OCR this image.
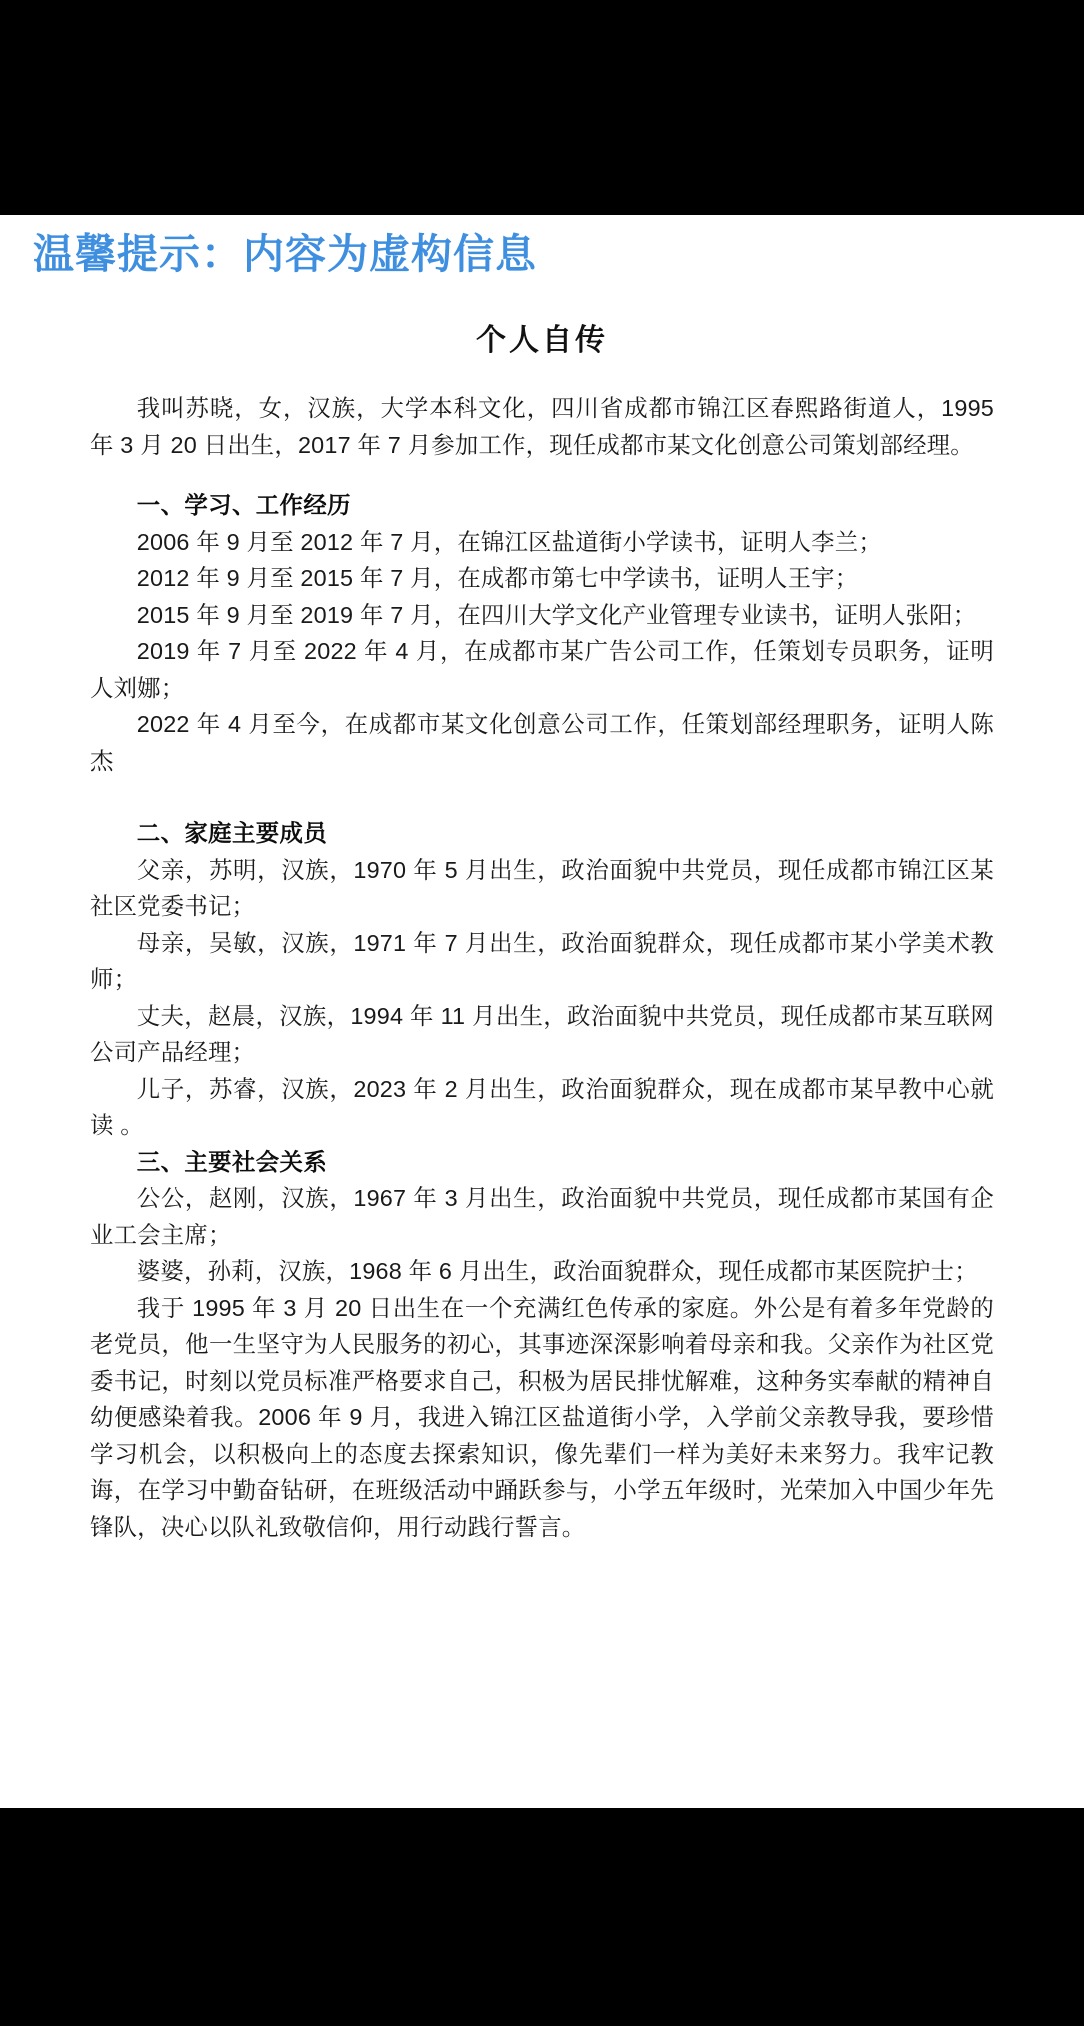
温馨提示：内容为虚构信息
个人自传

我叫苏晓，女，汉族，大学本科文化，四川省成都市锦江区春熙路街道人，1995 年 3 月 20 日出生，2017 年 7 月参加工作，现任成都市某文化创意公司策划部经理。

一、学习、工作经历

2006 年 9 月至 2012 年 7 月，在锦江区盐道街小学读书，证明人李兰；

2012 年 9 月至 2015 年 7 月，在成都市第七中学读书，证明人王宇；

2015 年 9 月至 2019 年 7 月，在四川大学文化产业管理专业读书，证明人张阳；

2019 年 7 月至 2022 年 4 月，在成都市某广告公司工作，任策划专员职务，证明人刘娜；

2022 年 4 月至今，在成都市某文化创意公司工作，任策划部经理职务，证明人陈杰

二、家庭主要成员

父亲，苏明，汉族，1970 年 5 月出生，政治面貌中共党员，现任成都市锦江区某社区党委书记；

母亲，吴敏，汉族，1971 年 7 月出生，政治面貌群众，现任成都市某小学美术教师；

丈夫，赵晨，汉族，1994 年 11 月出生，政治面貌中共党员，现任成都市某互联网公司产品经理；

儿子，苏睿，汉族，2023 年 2 月出生，政治面貌群众，现在成都市某早教中心就读 。

三、主要社会关系

公公，赵刚，汉族，1967 年 3 月出生，政治面貌中共党员，现任成都市某国有企业工会主席；

婆婆，孙莉，汉族，1968 年 6 月出生，政治面貌群众，现任成都市某医院护士；

我于 1995 年 3 月 20 日出生在一个充满红色传承的家庭。外公是有着多年党龄的老党员，他一生坚守为人民服务的初心，其事迹深深影响着母亲和我。父亲作为社区党委书记，时刻以党员标准严格要求自己，积极为居民排忧解难，这种务实奉献的精神自幼便感染着我。2006 年 9 月，我进入锦江区盐道街小学，入学前父亲教导我，要珍惜学习机会，以积极向上的态度去探索知识，像先辈们一样为美好未来努力。我牢记教诲，在学习中勤奋钻研，在班级活动中踊跃参与，小学五年级时，光荣加入中国少年先锋队，决心以队礼致敬信仰，用行动践行誓言。
